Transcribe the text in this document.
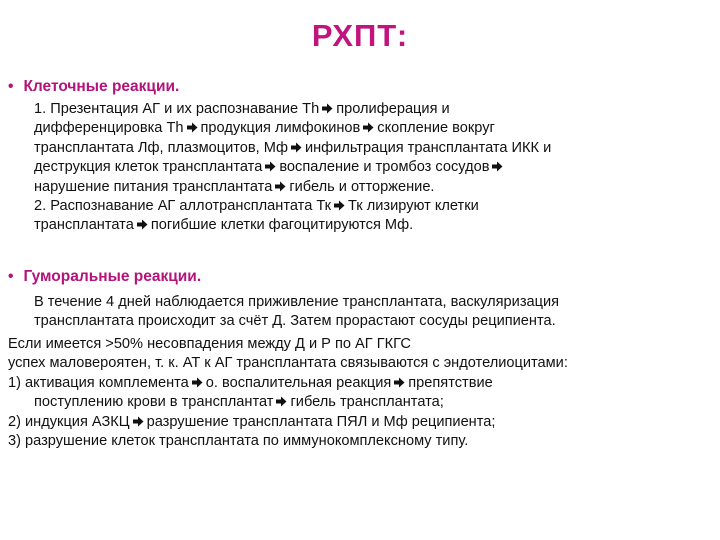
РХПТ:
• Клеточные реакции.
1. Презентация АГ и их распознавание Th пролиферация и
дифференцировка Th продукция лимфокинов скопление вокруг
трансплантата Лф, плазмоцитов, Мф инфильтрация трансплантата ИКК и
деструкция клеток трансплантата воспаление и тромбоз сосудов
нарушение питания трансплантата гибель и отторжение.
2. Распознавание АГ аллотрансплантата Тк Тк лизируют клетки
трансплантата погибшие клетки фагоцитируются Мф.
• Гуморальные реакции.
В течение 4 дней наблюдается приживление трансплантата, васкуляризация
трансплантата происходит за счёт Д. Затем прорастают сосуды реципиента.
Если имеется >50% несовпадения между Д и Р по АГ ГКГС
успех маловероятен, т. к. АТ к АГ трансплантата связываются с эндотелиоцитами:
1) активация комплемента о. воспалительная реакция препятствие
поступлению крови в трансплантат гибель трансплантата;
2) индукция АЗКЦ разрушение трансплантата ПЯЛ и Мф реципиента;
3) разрушение клеток трансплантата по иммунокомплексному типу.
